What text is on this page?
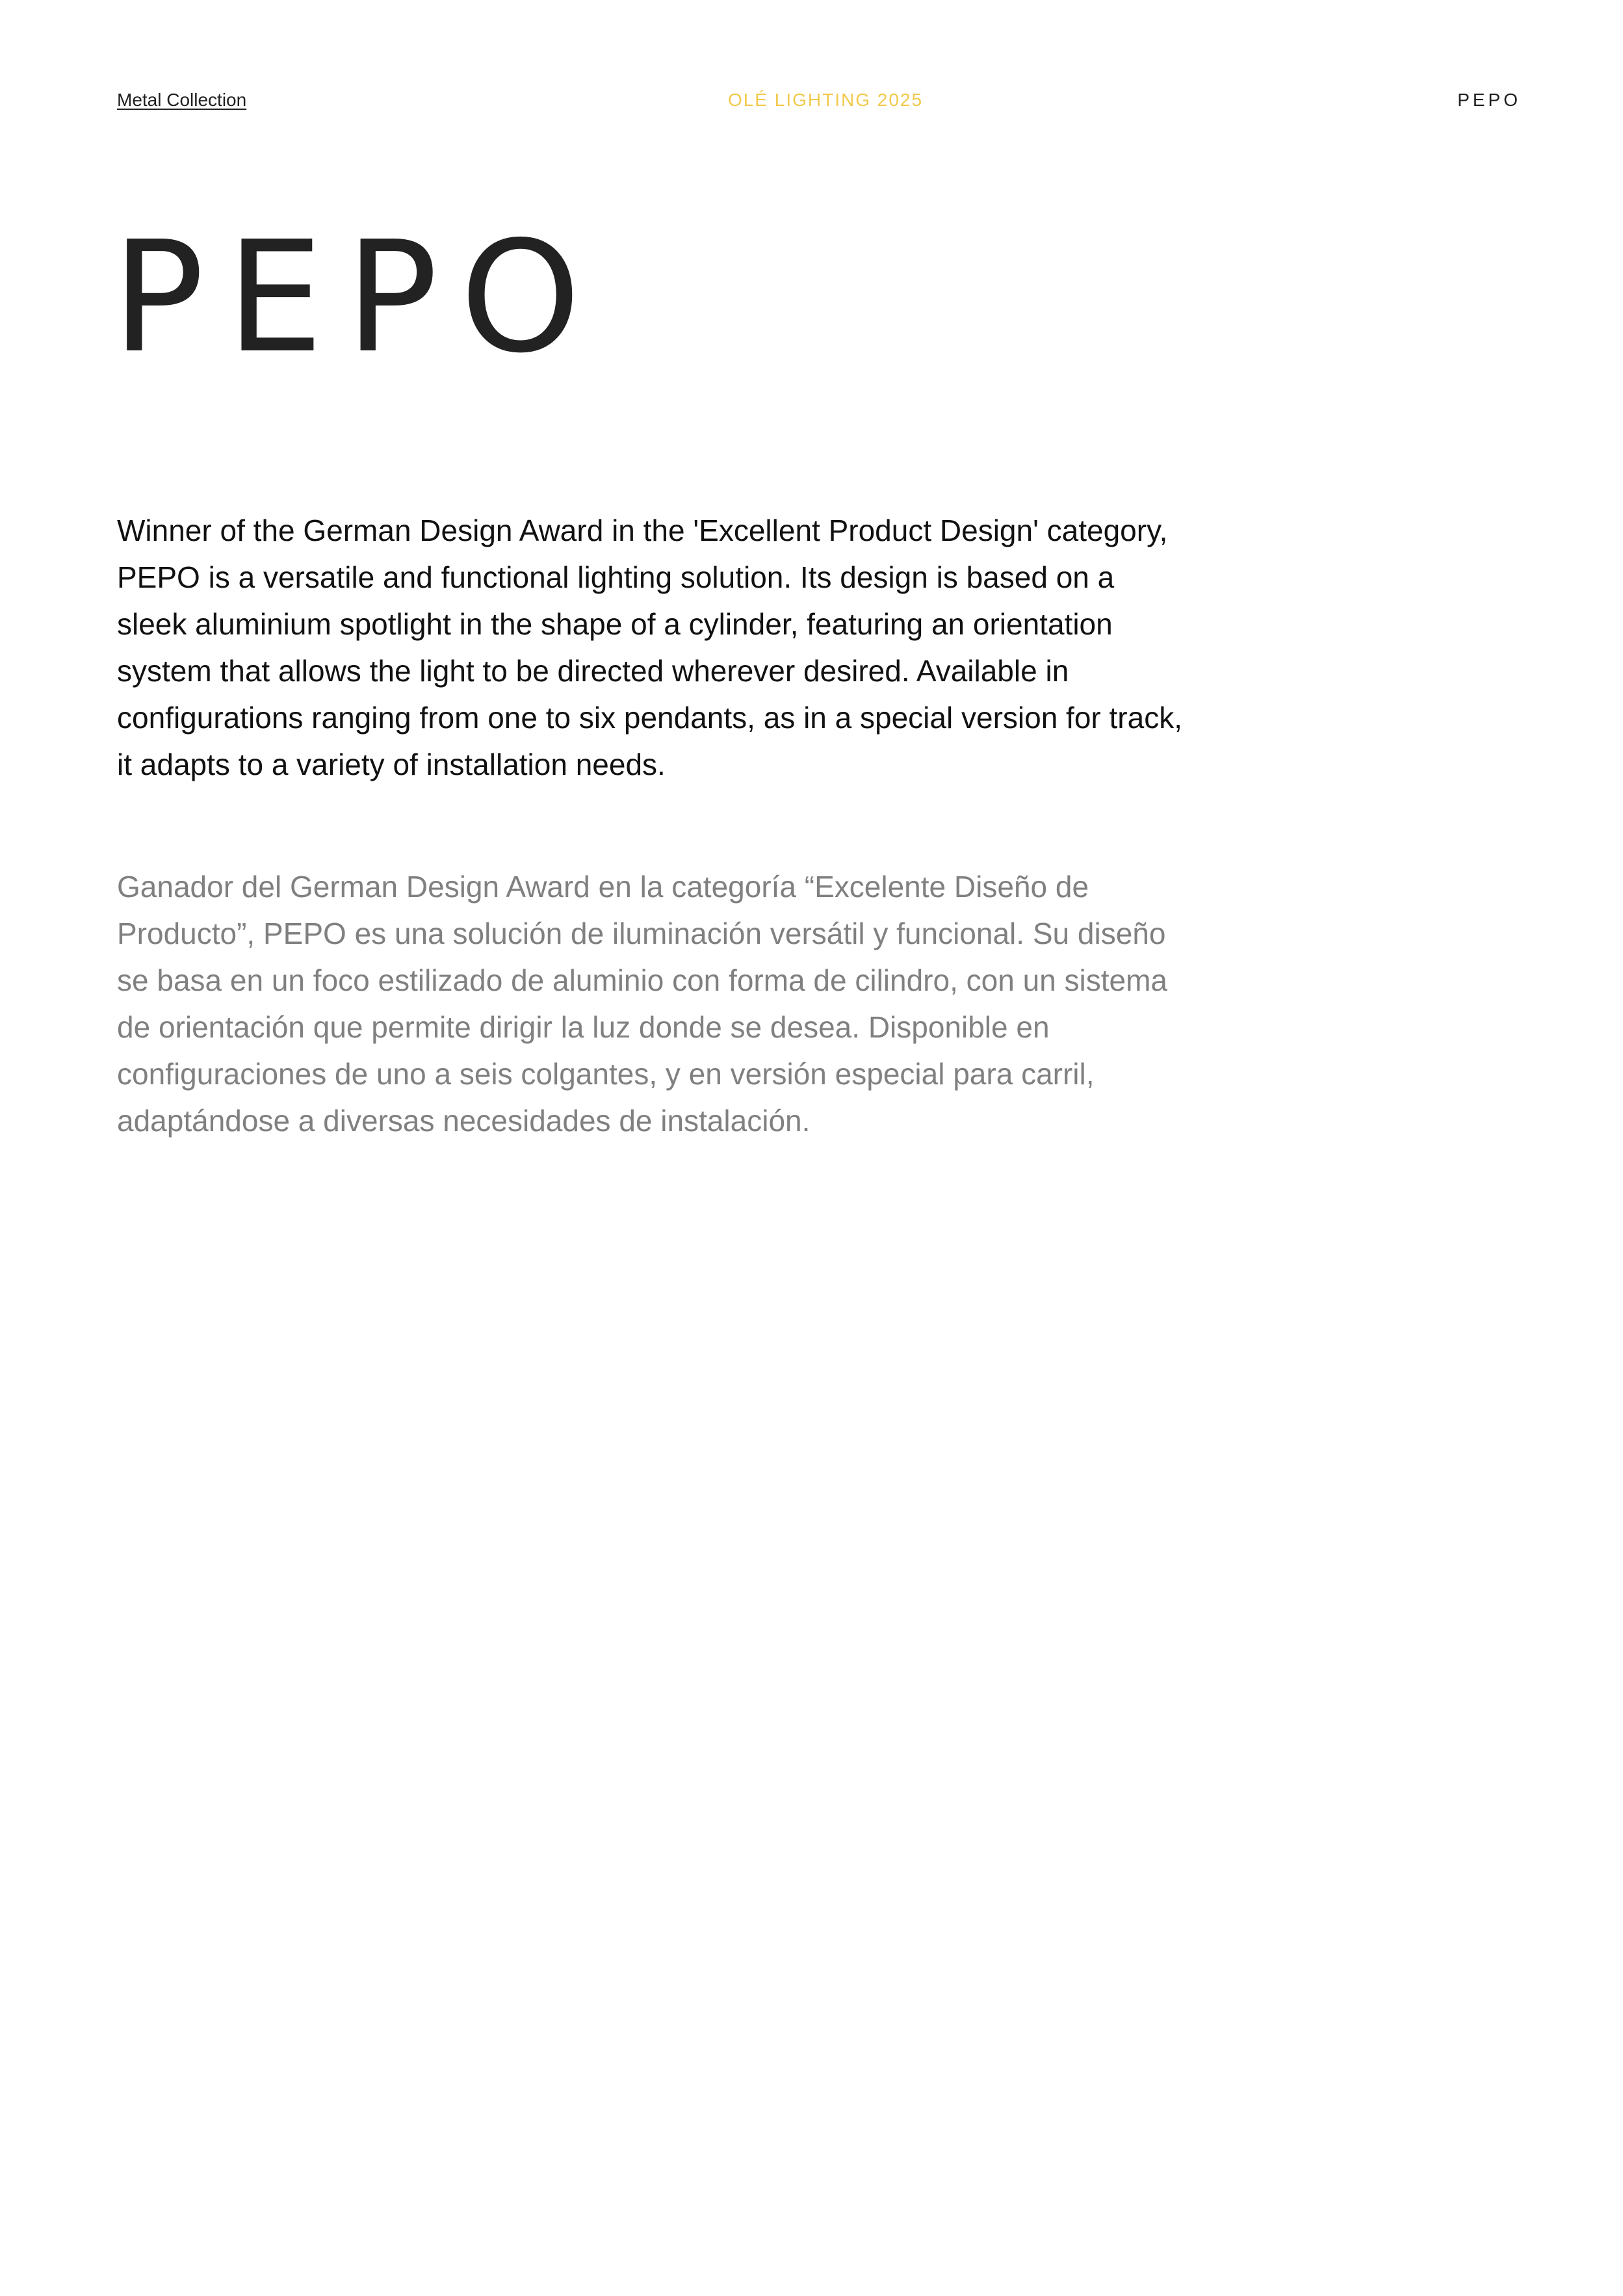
Metal Collection	OLÉ LIGHTING 2025	PEPO
PEPO

Winner of the German Design Award in the 'Excellent Product Design' category, PEPO is a versatile and functional lighting solution. Its design is based on a sleek aluminium spotlight in the shape of a cylinder, featuring an orientation system that allows the light to be directed wherever desired. Available in configurations ranging from one to six pendants, as in a special version for track, it adapts to a variety of installation needs.

Ganador del German Design Award en la categoría “Excelente Diseño de Producto”, PEPO es una solución de iluminación versátil y funcional. Su diseño se basa en un foco estilizado de aluminio con forma de cilindro, con un sistema de orientación que permite dirigir la luz donde se desea. Disponible en configuraciones de uno a seis colgantes, y en versión especial para carril, adaptándose a diversas necesidades de instalación.
